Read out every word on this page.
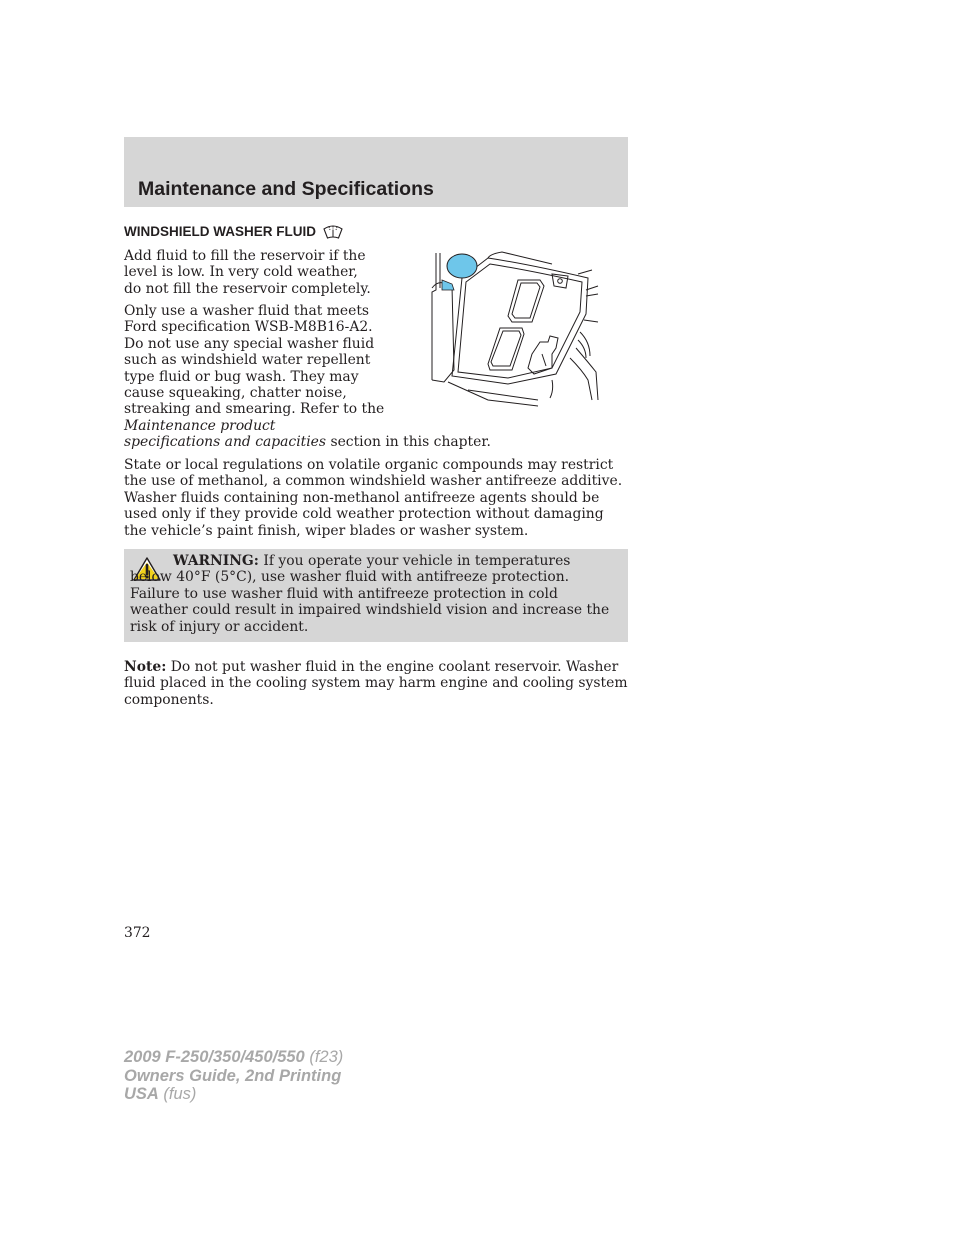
Maintenance and Specifications
WINDSHIELD WASHER FLUID

Add fluid to fill the reservoir if the level is low. In very cold weather, do not fill the reservoir completely.

Only use a washer fluid that meets
Ford specification WSB-M8B16-A2.
Do not use any special washer fluid
such as windshield water repellent
type fluid or bug wash. They may
cause squeaking, chatter noise,
streaking and smearing. Refer to the
Maintenance product
specifications and capacities section in this chapter.

State or local regulations on volatile organic compounds may restrict the use of methanol, a common windshield washer antifreeze additive. Washer fluids containing non-methanol antifreeze agents should be used only if they provide cold weather protection without damaging the vehicle’s paint finish, wiper blades or washer system.

WARNING: If you operate your vehicle in temperatures below 40°F (5°C), use washer fluid with antifreeze protection. Failure to use washer fluid with antifreeze protection in cold weather could result in impaired windshield vision and increase the risk of injury or accident.

Note: Do not put washer fluid in the engine coolant reservoir. Washer fluid placed in the cooling system may harm engine and cooling system components.

372
2009 F-250/350/450/550 (f23)
Owners Guide, 2nd Printing
USA (fus)
